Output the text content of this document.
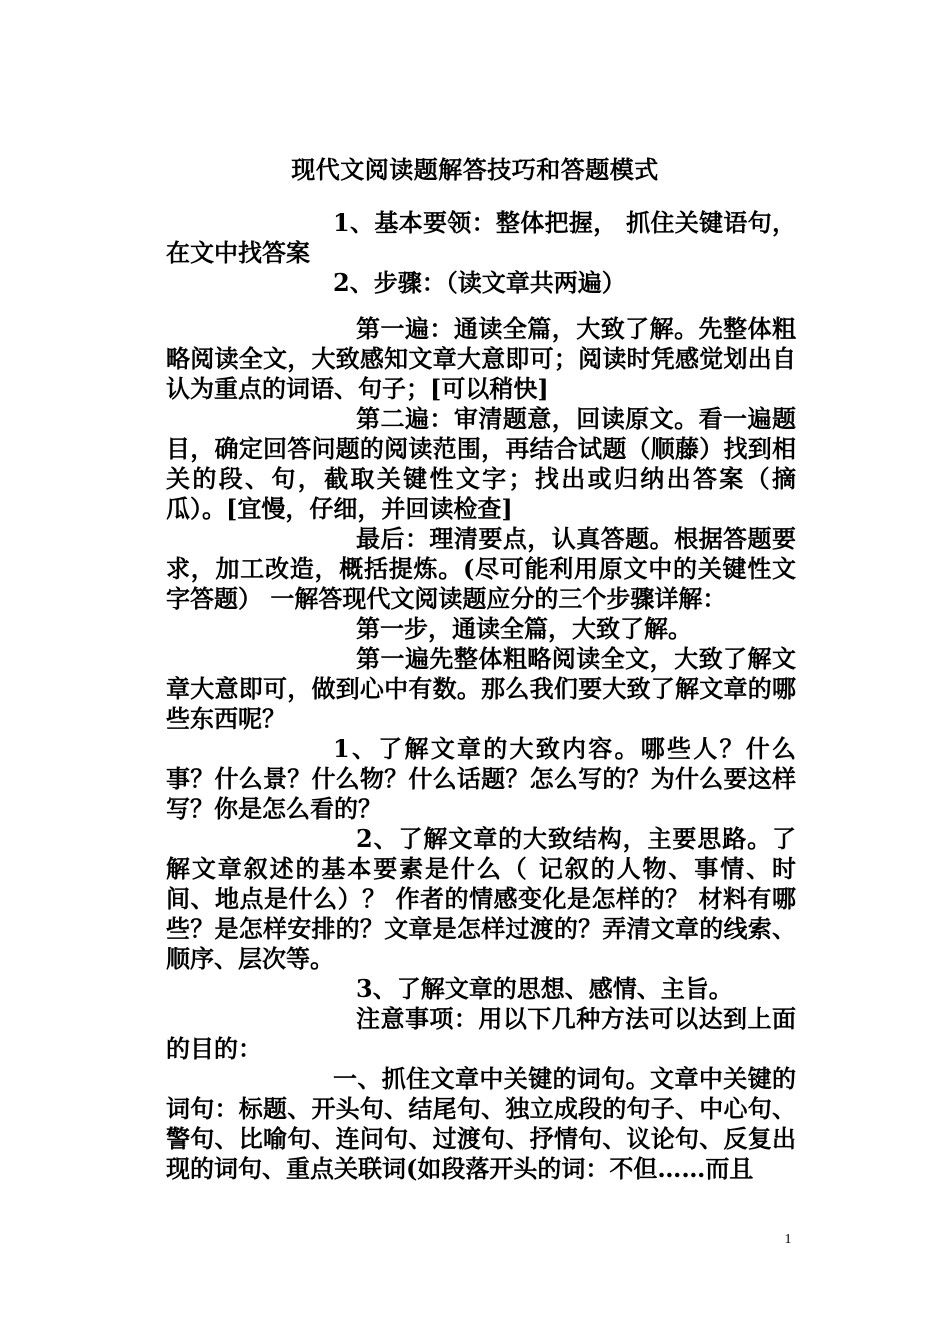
现代文阅读题解答技巧和答题模式

1、基本要领：整体把握， 抓住关键语句，在文中找答案

2、步骤：（读文章共两遍）

第一遍：通读全篇，大致了解。先整体粗略阅读全文，大致感知文章大意即可；阅读时凭感觉划出自认为重点的词语、句子；[可以稍快]

第二遍：审清题意，回读原文。看一遍题目，确定回答问题的阅读范围，再结合试题（顺藤）找到相关的段、句，截取关键性文字；找出或归纳出答案（摘瓜）。[宜慢，仔细，并回读检查]

最后：理清要点，认真答题。根据答题要求，加工改造，概括提炼。(尽可能利用原文中的关键性文字答题） 一解答现代文阅读题应分的三个步骤详解：

第一步，通读全篇，大致了解。

第一遍先整体粗略阅读全文，大致了解文章大意即可，做到心中有数。那么我们要大致了解文章的哪些东西呢？

1、了解文章的大致内容。哪些人？什么事？什么景？什么物？什么话题？怎么写的？为什么要这样写？你是怎么看的？

2、了解文章的大致结构，主要思路。了解文章叙述的基本要素是什么（ 记叙的人物、事情、时间、地点是什么）？ 作者的情感变化是怎样的？ 材料有哪些？是怎样安排的？文章是怎样过渡的？弄清文章的线索、顺序、层次等。

3、了解文章的思想、感情、主旨。

注意事项：用以下几种方法可以达到上面的目的：

一、抓住文章中关键的词句。文章中关键的词句：标题、开头句、结尾句、独立成段的句子、中心句、警句、比喻句、连问句、过渡句、抒情句、议论句、反复出现的词句、重点关联词(如段落开头的词：不但……而且

1
